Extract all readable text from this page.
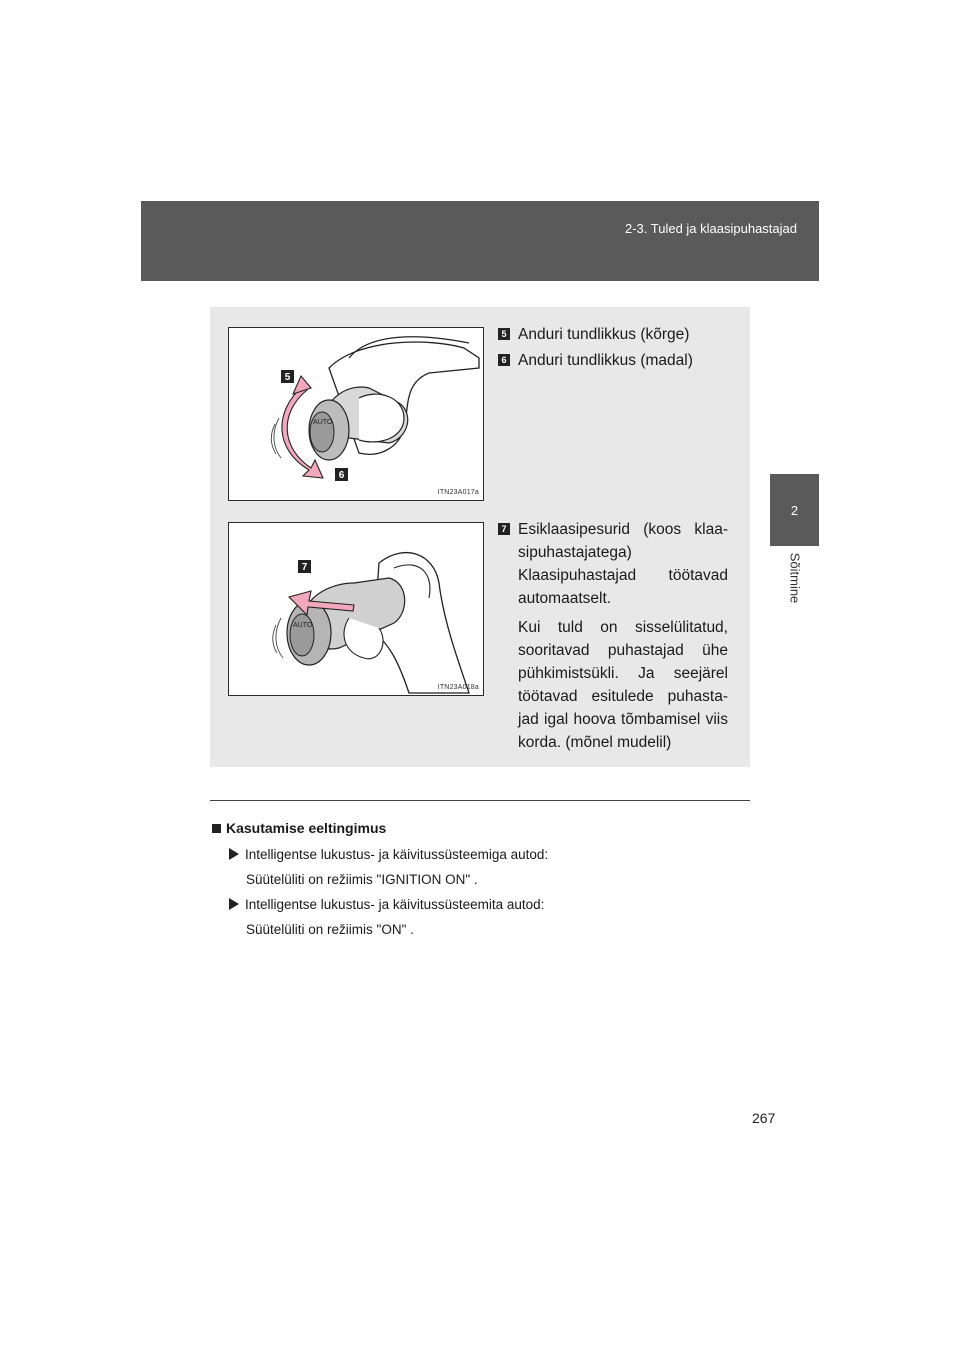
2-3. Tuled ja klaasipuhastajad
2
Sõitmine
AUTO
5
6
ITN23A017a
AUTO
7
ITN23A018a
5 Anduri tundlikkus (kõrge)
6 Anduri tundlikkus (madal)
7 Esiklaasipesurid (koos klaa-sipuhastajatega)
Klaasipuhastajad töötavad automaatselt.
Kui tuld on sisselülitatud, sooritavad puhastajad ühe pühkimistsükli. Ja seejärel töötavad esitulede puhasta-jad igal hoova tõmbamisel viis korda. (mõnel mudelil)
Kasutamise eeltingimus
Intelligentse lukustus- ja käivitussüsteemiga autod:
Süütelüliti on režiimis "IGNITION ON" .
Intelligentse lukustus- ja käivitussüsteemita autod:
Süütelüliti on režiimis "ON" .
267
